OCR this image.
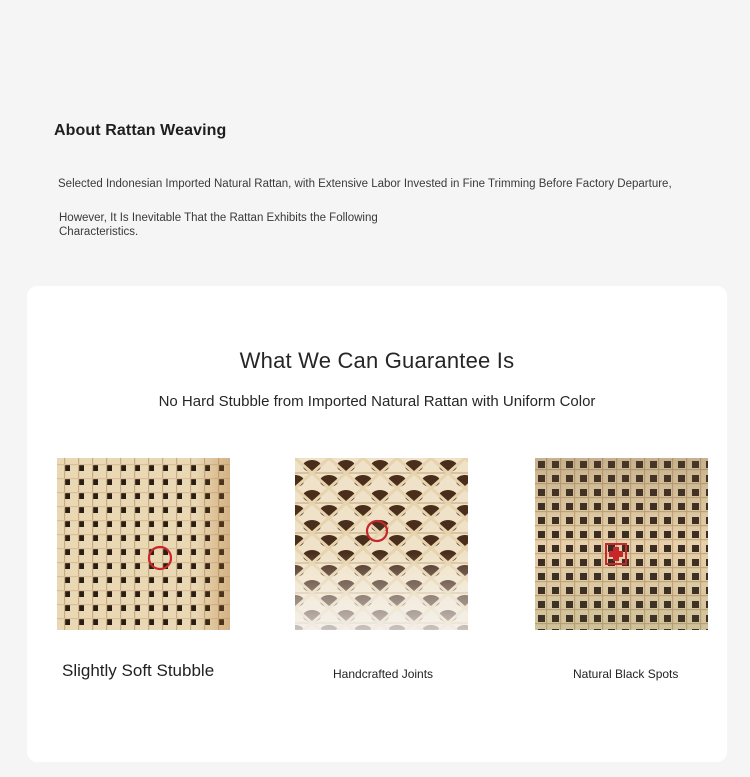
About Rattan Weaving
Selected Indonesian Imported Natural Rattan, with Extensive Labor Invested in Fine Trimming Before Factory Departure,
However, It Is Inevitable That the Rattan Exhibits the Following Characteristics.
What We Can Guarantee Is
No Hard Stubble from Imported Natural Rattan with Uniform Color
Slightly Soft Stubble	Handcrafted Joints	Natural Black Spots
